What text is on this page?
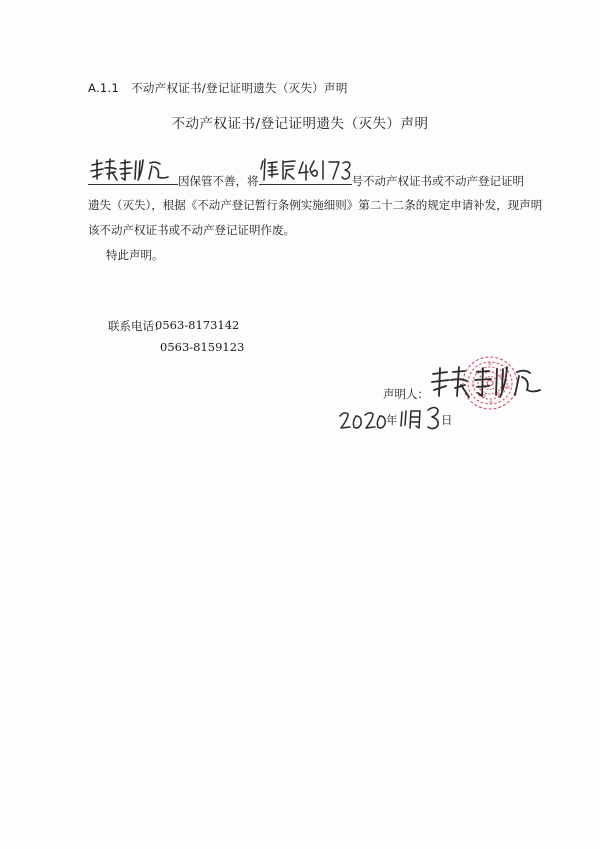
A.1.1 不动产权证书/登记证明遗失（灭失）声明
不动产权证书/登记证明遗失（灭失）声明
因保管不善，将	号不动产权证书或不动产登记证明
遗失（灭失），根据《不动产登记暂行条例实施细则》第二十二条的规定申请补发，现声明
该不动产权证书或不动产登记证明作废。
特此声明。
联系电话：
0563-8173142
0563-8159123
声明人：
年	日
